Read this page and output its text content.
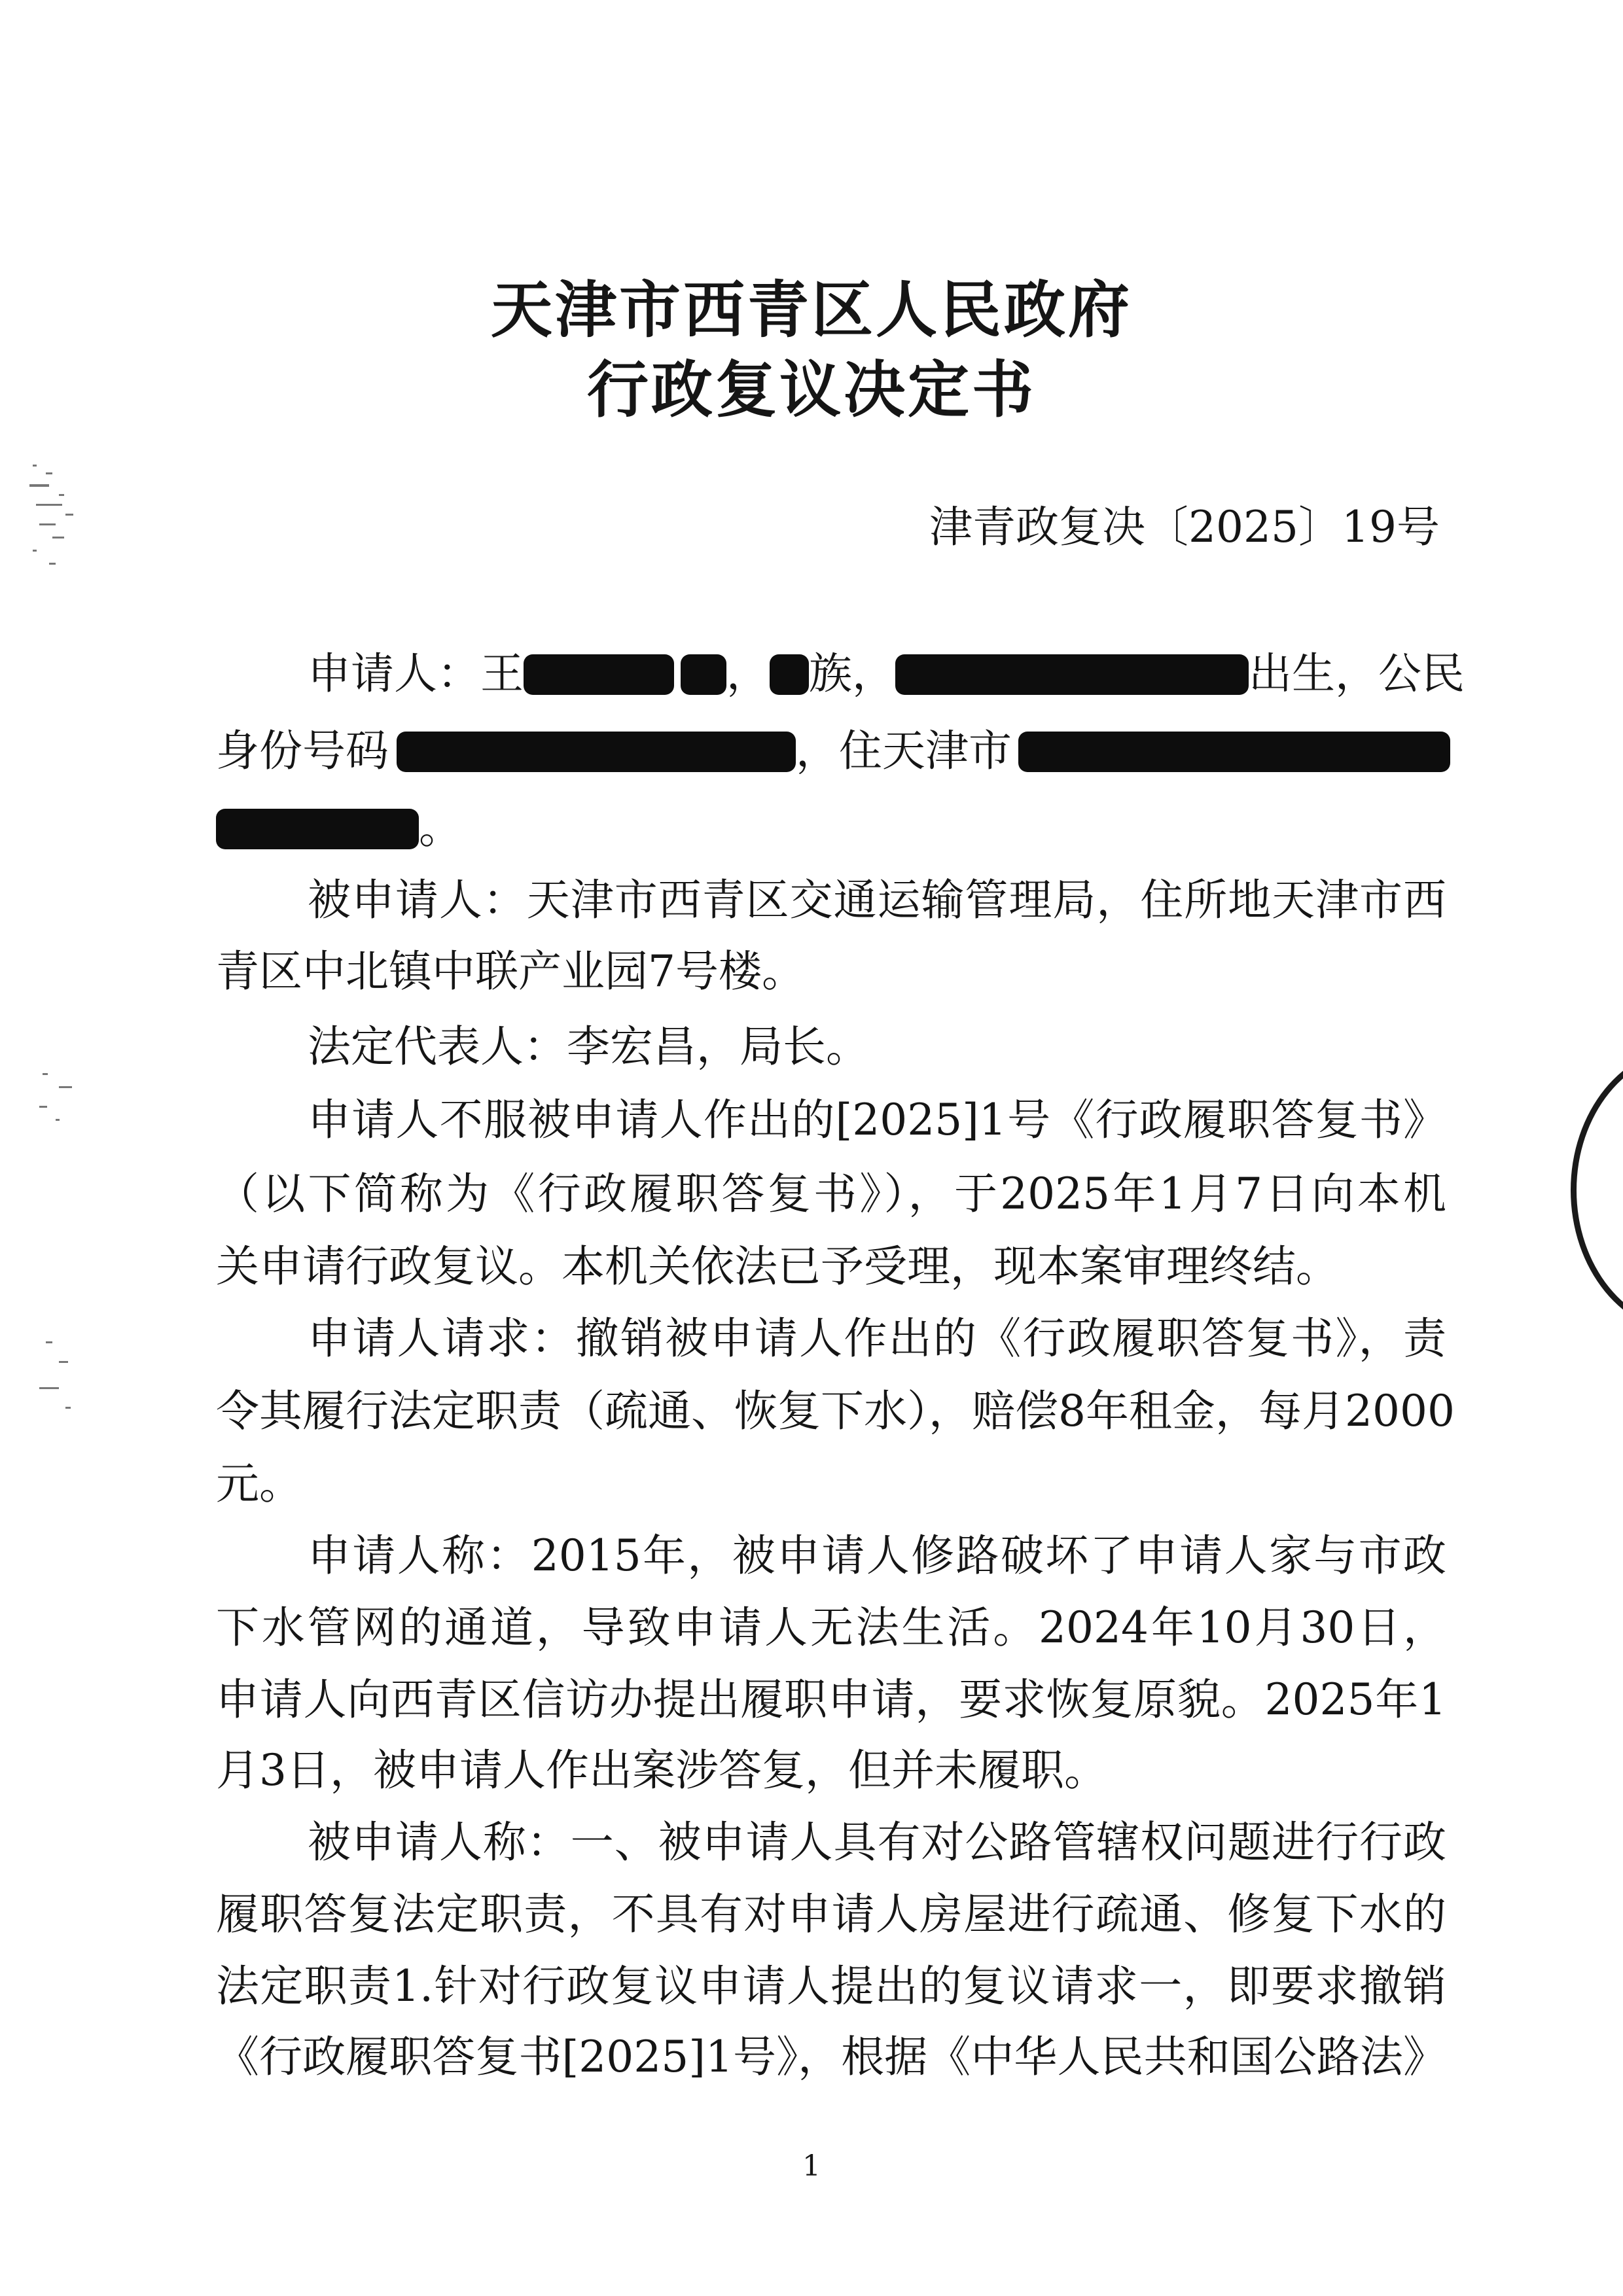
天津市西青区人民政府
行政复议决定书
津青政复决〔2025〕19号
申请人：王	， 族，	出生，公民
身份号码	，住天津市
。
被申请人：天津市西青区交通运输管理局，住所地天津市西
青区中北镇中联产业园7号楼。
法定代表人：李宏昌，局长。
申请人不服被申请人作出的[2025]1号《行政履职答复书》
（以下简称为《行政履职答复书》），于2025年1月7日向本机
关申请行政复议。本机关依法已予受理，现本案审理终结。
申请人请求：撤销被申请人作出的《行政履职答复书》，责
令其履行法定职责（疏通、恢复下水），赔偿8年租金，每月2000
元。
申请人称：2015年，被申请人修路破坏了申请人家与市政
下水管网的通道，导致申请人无法生活。2024年10月30日，
申请人向西青区信访办提出履职申请，要求恢复原貌。2025年1
月3日，被申请人作出案涉答复，但并未履职。
被申请人称：一、被申请人具有对公路管辖权问题进行行政
履职答复法定职责，不具有对申请人房屋进行疏通、修复下水的
法定职责1.针对行政复议申请人提出的复议请求一，即要求撤销
《行政履职答复书[2025]1号》，根据《中华人民共和国公路法》
1
